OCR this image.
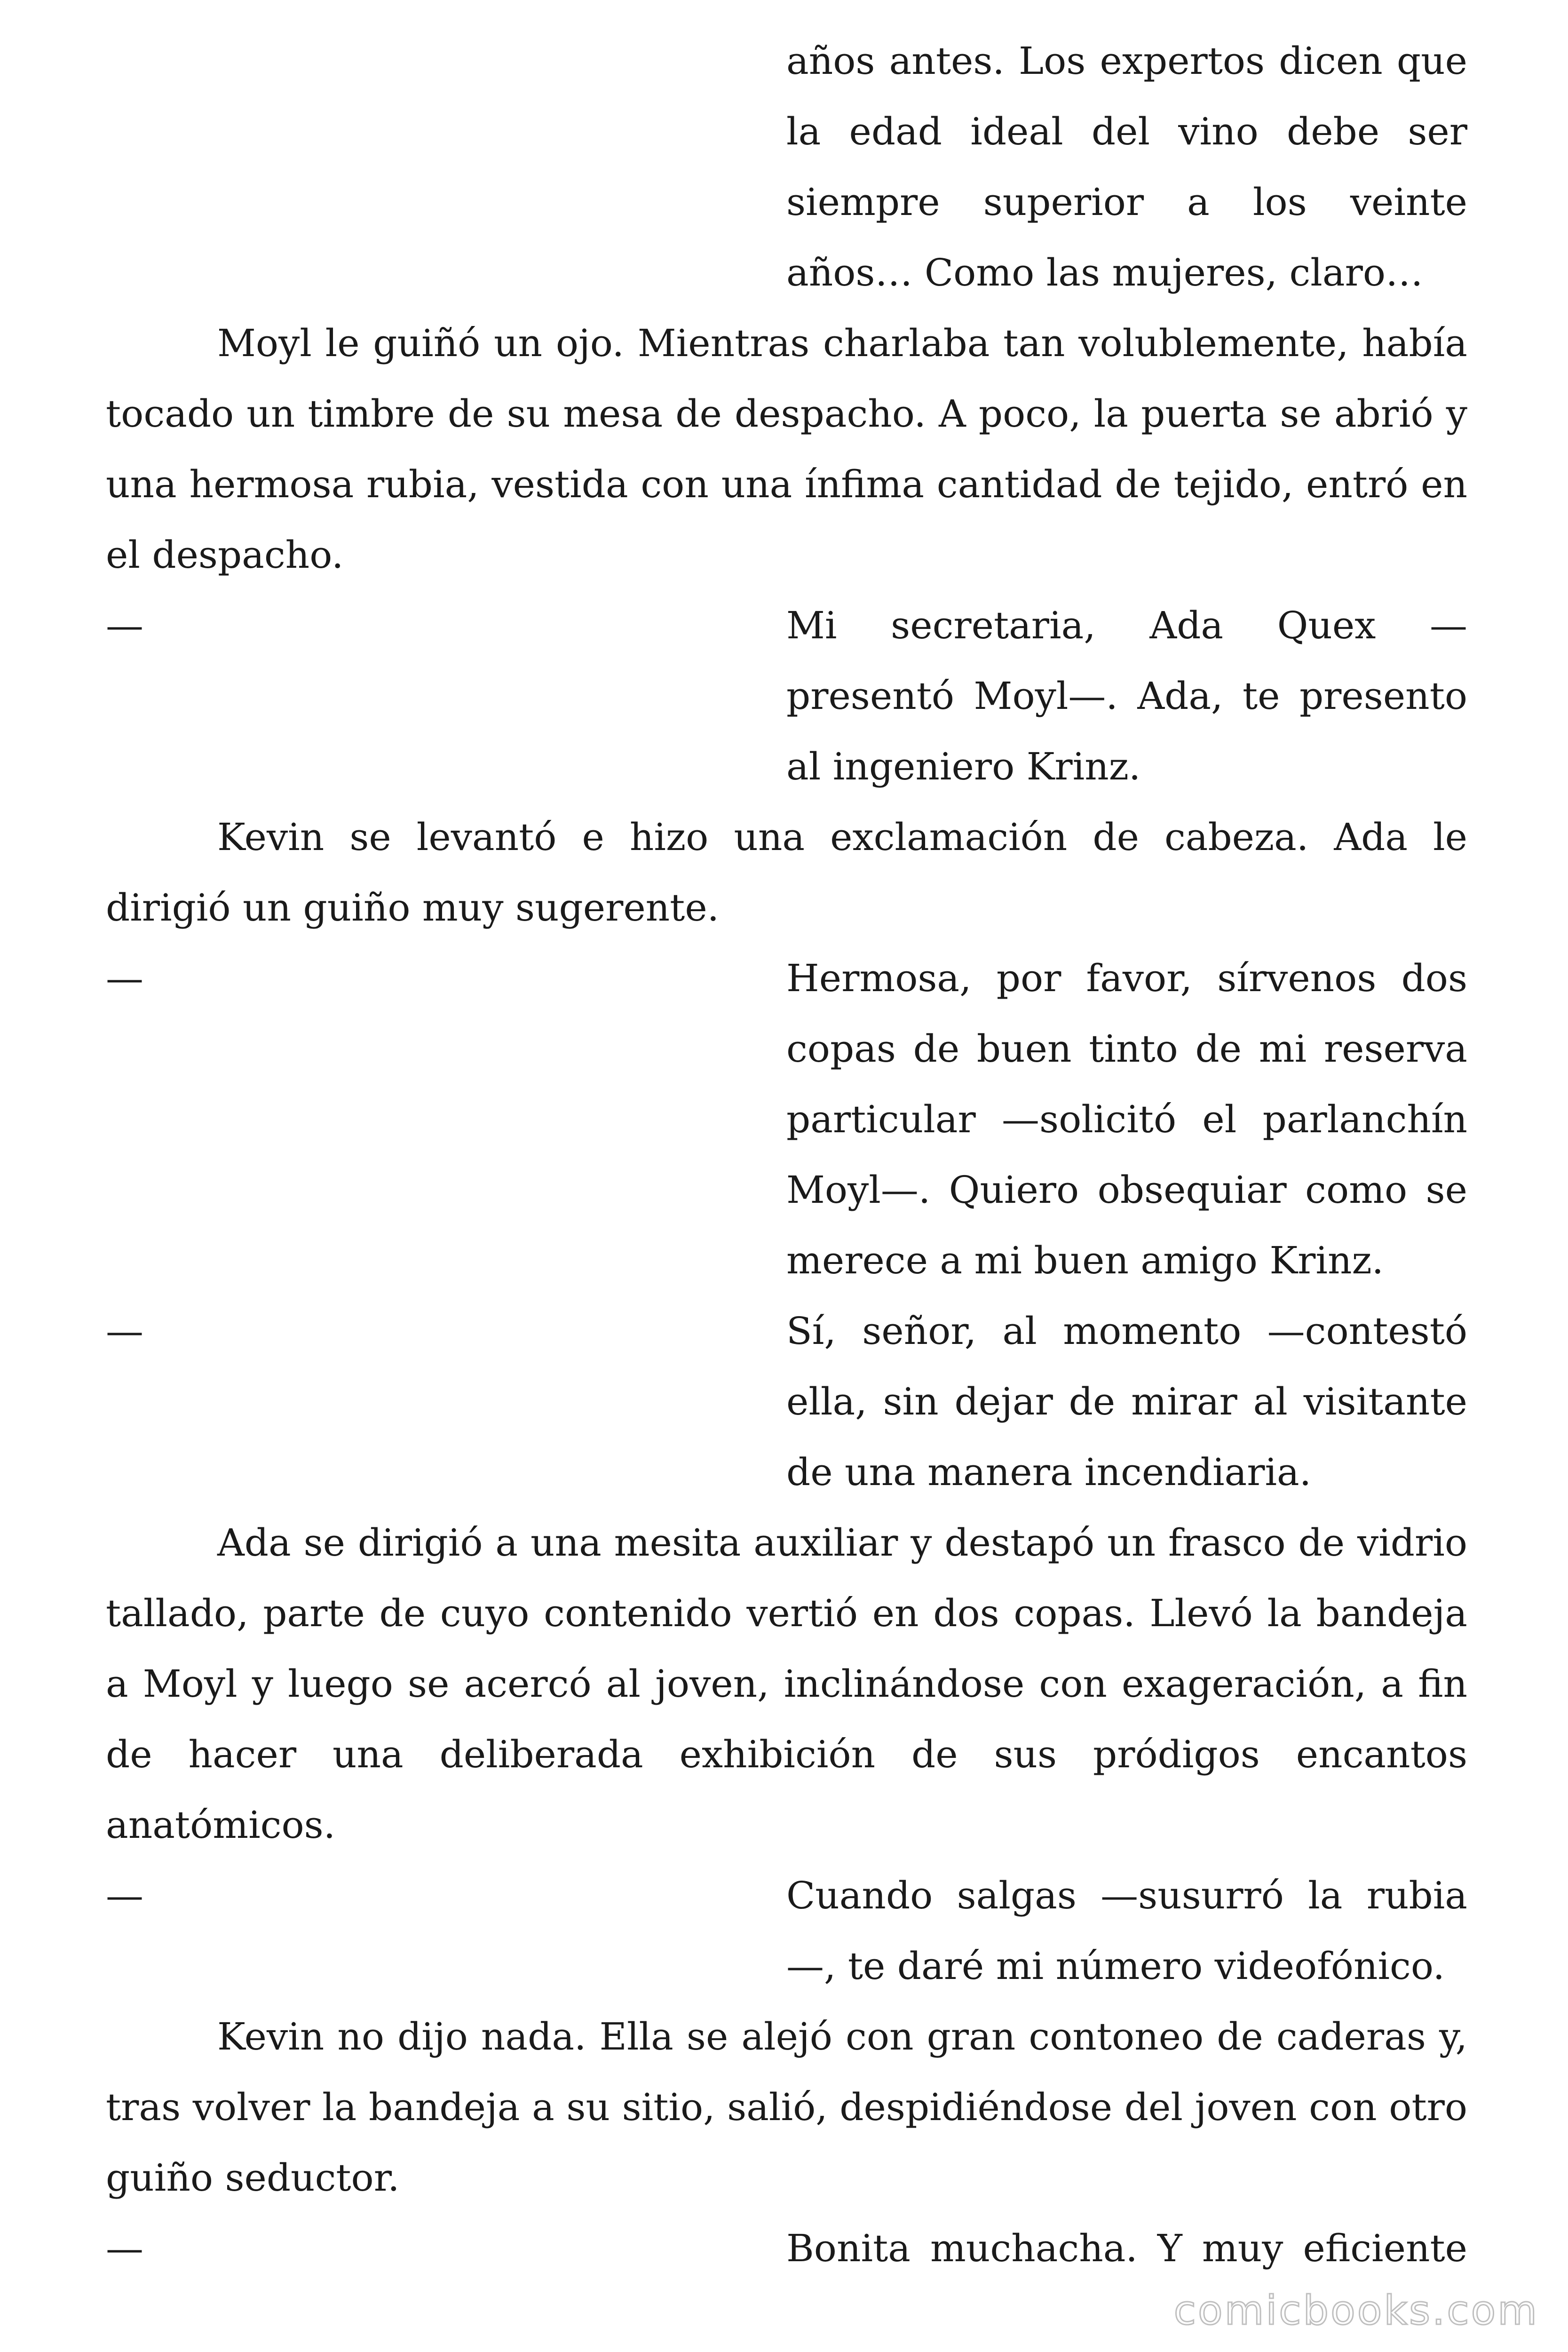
años antes. Los expertos dicen que la edad ideal del vino debe ser siempre superior a los veinte años… Como las mujeres, claro…

Moyl le guiñó un ojo. Mientras charlaba tan volublemente, había tocado un timbre de su mesa de despacho. A poco, la puerta se abrió y una hermosa rubia, vestida con una ínfima cantidad de tejido, entró en el despacho.

—	Mi secretaria, Ada Quex —presentó Moyl—. Ada, te presento al ingeniero Krinz.

Kevin se levantó e hizo una exclamación de cabeza. Ada le dirigió un guiño muy sugerente.

—	Hermosa, por favor, sírvenos dos copas de buen tinto de mi reserva particular —solicitó el parlanchín Moyl—. Quiero obsequiar como se merece a mi buen amigo Krinz.
—	Sí, señor, al momento —contestó ella, sin dejar de mirar al visitante de una manera incendiaria.

Ada se dirigió a una mesita auxiliar y destapó un frasco de vidrio tallado, parte de cuyo contenido vertió en dos copas. Llevó la bandeja a Moyl y luego se acercó al joven, inclinándose con exageración, a fin de hacer una deliberada exhibición de sus pródigos encantos anatómicos.

—	Cuando salgas —susurró la rubia —, te daré mi número videofónico.

Kevin no dijo nada. Ella se alejó con gran contoneo de caderas y, tras volver la bandeja a su sitio, salió, despidiéndose del joven con otro guiño seductor.

—	Bonita muchacha. Y muy eficiente
comicbooks.com
